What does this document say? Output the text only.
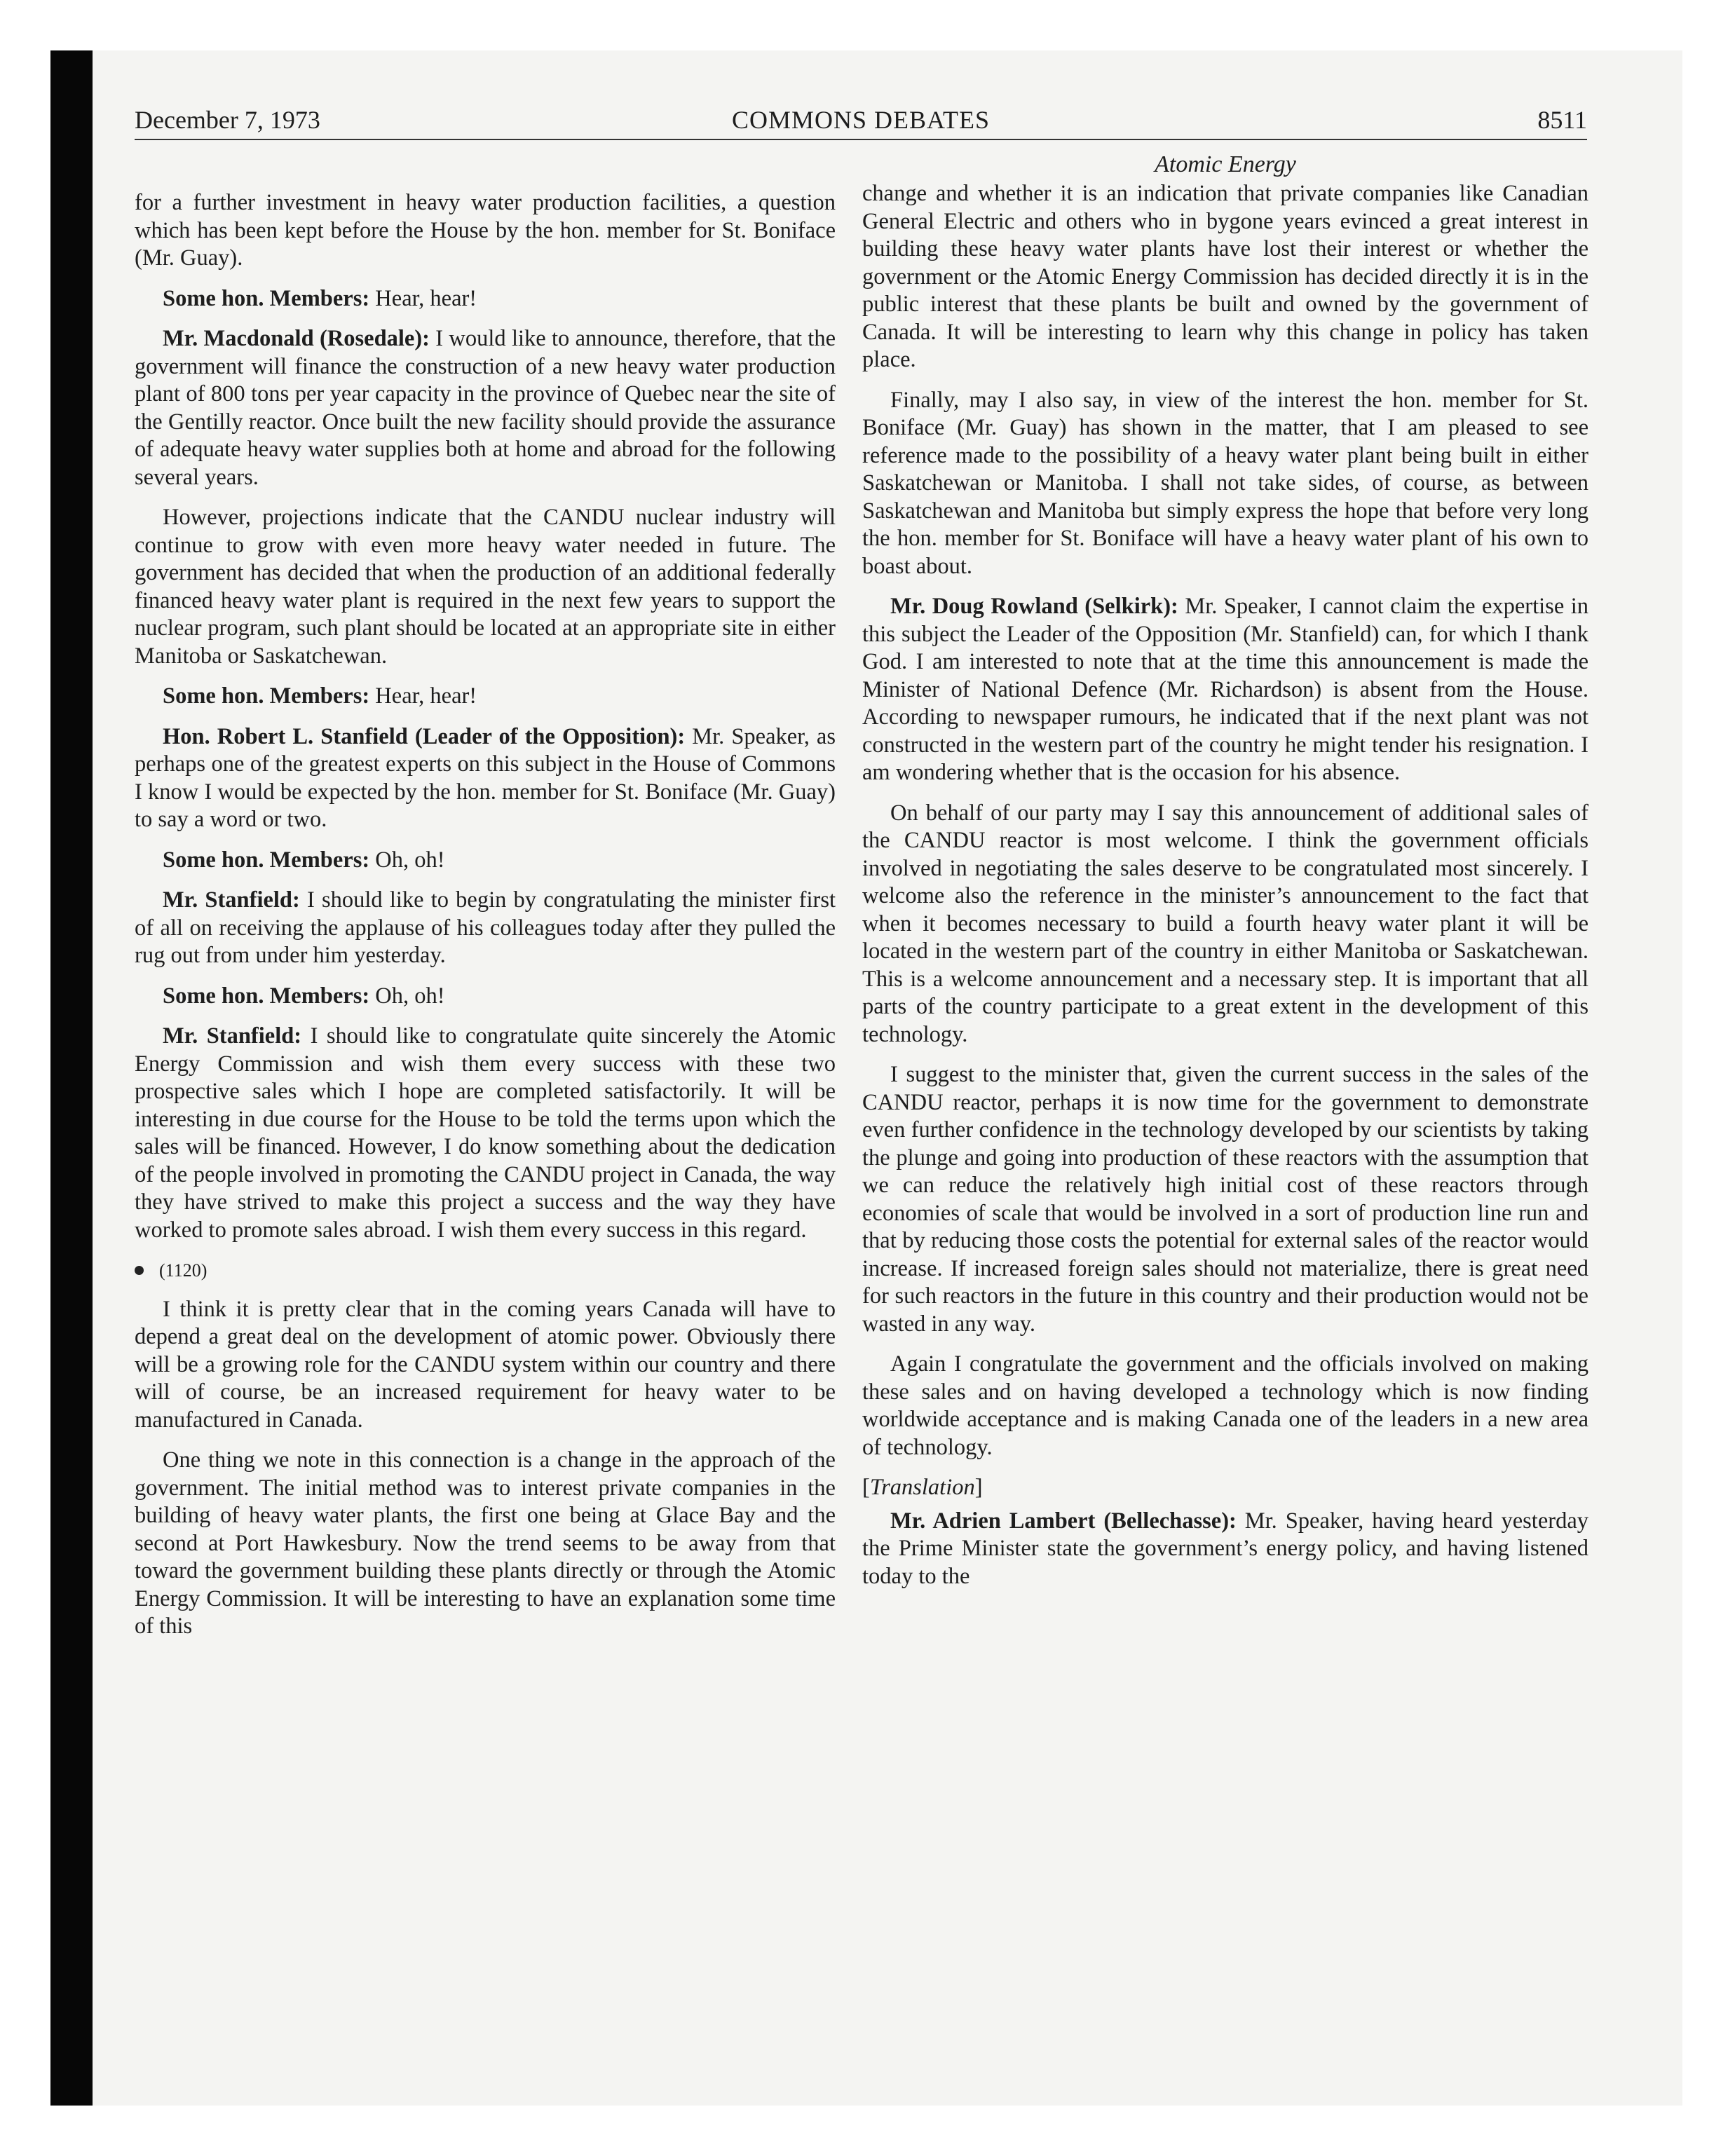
December 7, 1973	COMMONS DEBATES	8511

for a further investment in heavy water production facilities, a question which has been kept before the House by the hon. member for St. Boniface (Mr. Guay).

Some hon. Members: Hear, hear!

Mr. Macdonald (Rosedale): I would like to announce, therefore, that the government will finance the construction of a new heavy water production plant of 800 tons per year capacity in the province of Quebec near the site of the Gentilly reactor. Once built the new facility should provide the assurance of adequate heavy water supplies both at home and abroad for the following several years.

However, projections indicate that the CANDU nuclear industry will continue to grow with even more heavy water needed in future. The government has decided that when the production of an additional federally financed heavy water plant is required in the next few years to support the nuclear program, such plant should be located at an appropriate site in either Manitoba or Saskatchewan.

Some hon. Members: Hear, hear!

Hon. Robert L. Stanfield (Leader of the Opposition): Mr. Speaker, as perhaps one of the greatest experts on this subject in the House of Commons I know I would be expected by the hon. member for St. Boniface (Mr. Guay) to say a word or two.

Some hon. Members: Oh, oh!

Mr. Stanfield: I should like to begin by congratulating the minister first of all on receiving the applause of his colleagues today after they pulled the rug out from under him yesterday.

Some hon. Members: Oh, oh!

Mr. Stanfield: I should like to congratulate quite sincerely the Atomic Energy Commission and wish them every success with these two prospective sales which I hope are completed satisfactorily. It will be interesting in due course for the House to be told the terms upon which the sales will be financed. However, I do know something about the dedication of the people involved in promoting the CANDU project in Canada, the way they have strived to make this project a success and the way they have worked to promote sales abroad. I wish them every success in this regard.

(1120)

I think it is pretty clear that in the coming years Canada will have to depend a great deal on the development of atomic power. Obviously there will be a growing role for the CANDU system within our country and there will of course, be an increased requirement for heavy water to be manufactured in Canada.

One thing we note in this connection is a change in the approach of the government. The initial method was to interest private companies in the building of heavy water plants, the first one being at Glace Bay and the second at Port Hawkesbury. Now the trend seems to be away from that toward the government building these plants directly or through the Atomic Energy Commission. It will be interesting to have an explanation some time of this

Atomic Energy

change and whether it is an indication that private companies like Canadian General Electric and others who in bygone years evinced a great interest in building these heavy water plants have lost their interest or whether the government or the Atomic Energy Commission has decided directly it is in the public interest that these plants be built and owned by the government of Canada. It will be interesting to learn why this change in policy has taken place.

Finally, may I also say, in view of the interest the hon. member for St. Boniface (Mr. Guay) has shown in the matter, that I am pleased to see reference made to the possibility of a heavy water plant being built in either Saskatchewan or Manitoba. I shall not take sides, of course, as between Saskatchewan and Manitoba but simply express the hope that before very long the hon. member for St. Boniface will have a heavy water plant of his own to boast about.

Mr. Doug Rowland (Selkirk): Mr. Speaker, I cannot claim the expertise in this subject the Leader of the Opposition (Mr. Stanfield) can, for which I thank God. I am interested to note that at the time this announcement is made the Minister of National Defence (Mr. Richardson) is absent from the House. According to newspaper rumours, he indicated that if the next plant was not constructed in the western part of the country he might tender his resignation. I am wondering whether that is the occasion for his absence.

On behalf of our party may I say this announcement of additional sales of the CANDU reactor is most welcome. I think the government officials involved in negotiating the sales deserve to be congratulated most sincerely. I welcome also the reference in the minister’s announcement to the fact that when it becomes necessary to build a fourth heavy water plant it will be located in the western part of the country in either Manitoba or Saskatchewan. This is a welcome announcement and a necessary step. It is important that all parts of the country participate to a great extent in the development of this technology.

I suggest to the minister that, given the current success in the sales of the CANDU reactor, perhaps it is now time for the government to demonstrate even further confidence in the technology developed by our scientists by taking the plunge and going into production of these reactors with the assumption that we can reduce the relatively high initial cost of these reactors through economies of scale that would be involved in a sort of production line run and that by reducing those costs the potential for external sales of the reactor would increase. If increased foreign sales should not materialize, there is great need for such reactors in the future in this country and their production would not be wasted in any way.

Again I congratulate the government and the officials involved on making these sales and on having developed a technology which is now finding worldwide acceptance and is making Canada one of the leaders in a new area of technology.

[Translation]

Mr. Adrien Lambert (Bellechasse): Mr. Speaker, having heard yesterday the Prime Minister state the government’s energy policy, and having listened today to the
